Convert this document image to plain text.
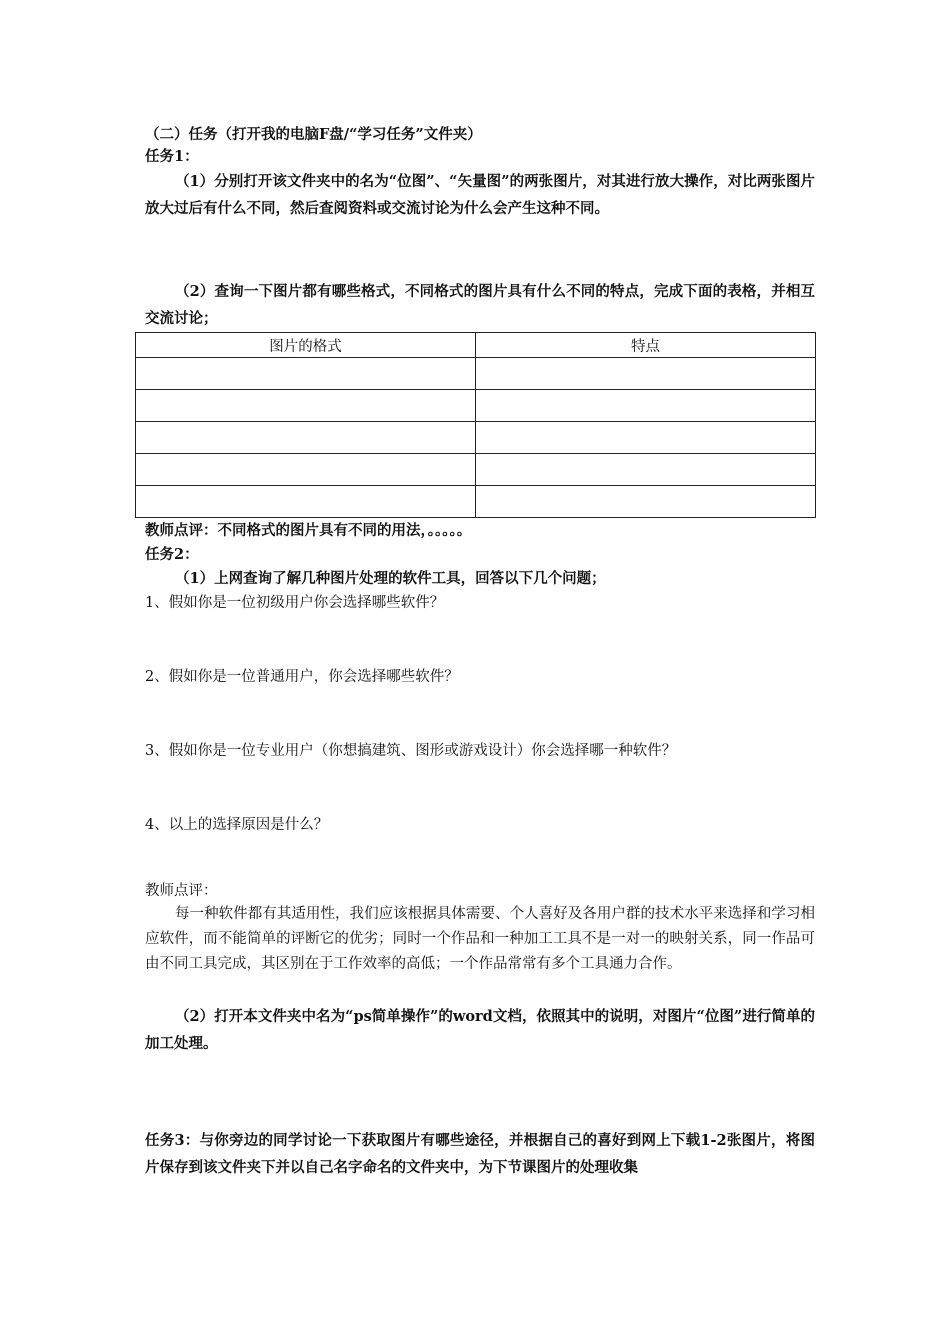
（二）任务（打开我的电脑F盘/“学习任务”文件夹）
任务1：
（1）分别打开该文件夹中的名为“位图”、“矢量图”的两张图片，对其进行放大操作，对比两张图片放大过后有什么不同，然后查阅资料或交流讨论为什么会产生这种不同。
（2）查询一下图片都有哪些格式，不同格式的图片具有什么不同的特点，完成下面的表格，并相互交流讨论；
图片的格式	特点

教师点评：不同格式的图片具有不同的用法，。。。。。
任务2：
（1）上网查询了解几种图片处理的软件工具，回答以下几个问题；
1、假如你是一位初级用户你会选择哪些软件？
2、假如你是一位普通用户，你会选择哪些软件？
3、假如你是一位专业用户（你想搞建筑、图形或游戏设计）你会选择哪一种软件？
4、以上的选择原因是什么？
教师点评：
每一种软件都有其适用性，我们应该根据具体需要、个人喜好及各用户群的技术水平来选择和学习相应软件，而不能简单的评断它的优劣；同时一个作品和一种加工工具不是一对一的映射关系，同一作品可由不同工具完成，其区别在于工作效率的高低；一个作品常常有多个工具通力合作。
（2）打开本文件夹中名为“ps简单操作”的word文档，依照其中的说明，对图片“位图”进行简单的加工处理。
任务3：与你旁边的同学讨论一下获取图片有哪些途径，并根据自己的喜好到网上下载1-2张图片，将图片保存到该文件夹下并以自己名字命名的文件夹中，为下节课图片的处理收集
